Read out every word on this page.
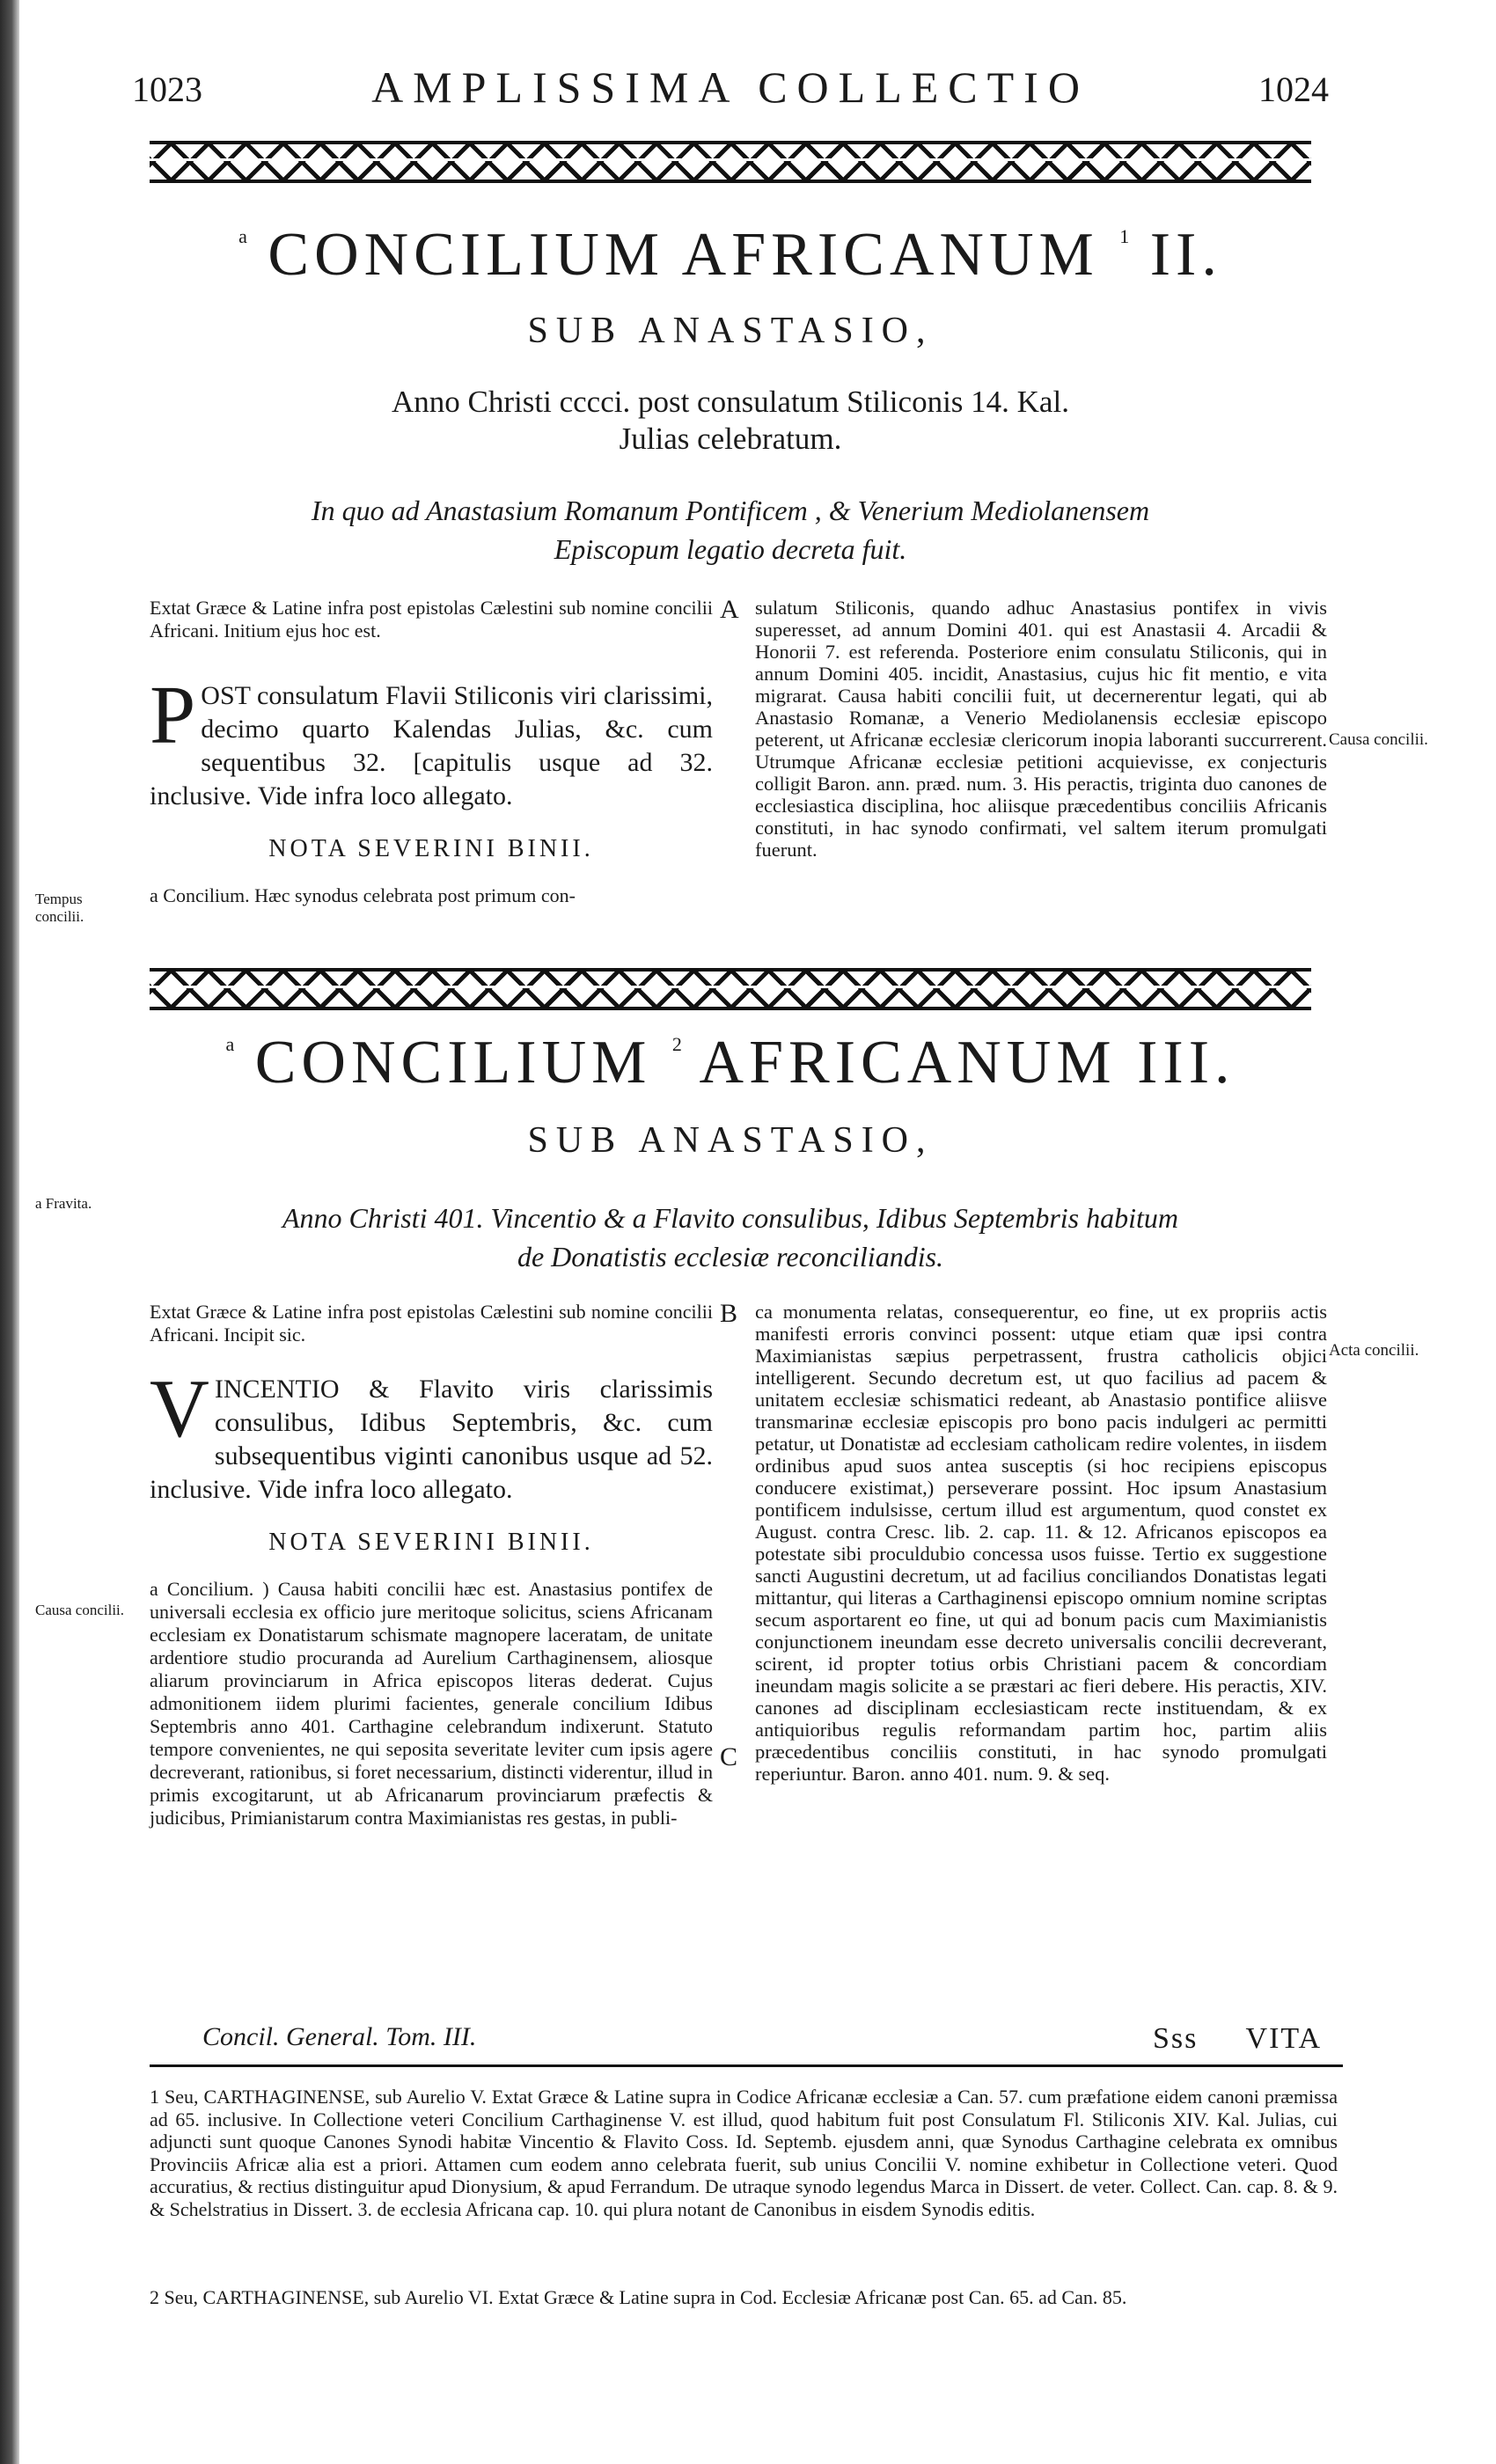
1023	AMPLISSIMA COLLECTIO	1024
$^a$ CONCILIUM AFRICANUM $^1$ II.
SUB ANASTASIO,
Anno Christi cccci. post consulatum Stiliconis 14. Kal.
Julias celebratum.
In quo ad Anastasium Romanum Pontificem , & Venerium Mediolanensem
Episcopum legatio decreta fuit.
Extat Græce & Latine infra post epistolas Cælestini sub nomine concilii Africani. Initium ejus hoc est.
POST consulatum Flavii Stiliconis viri clarissimi, decimo quarto Kalendas Julias, &c. cum sequentibus 32. [capitulis usque ad 32. inclusive. Vide infra loco allegato.
NOTA SEVERINI BINII.
a Concilium. Hæc synodus celebrata post primum con-
A sulatum Stiliconis, quando adhuc Anastasius pontifex in vivis superesset, ad annum Domini 401. qui est Anastasii 4. Arcadii & Honorii 7. est referenda. Posteriore enim consulatu Stiliconis, qui in annum Domini 405. incidit, Anastasius, cujus hic fit mentio, e vita migrarat. Causa habiti concilii fuit, ut decernerentur legati, qui ab Anastasio Romanæ, a Venerio Mediolanensis ecclesiæ episcopo peterent, ut Africanæ ecclesiæ clericorum inopia laboranti succurrerent. Utrumque Africanæ ecclesiæ petitioni acquievisse, ex conjecturis colligit Baron. ann. præd. num. 3. His peractis, triginta duo canones de ecclesiastica disciplina, hoc aliisque præcedentibus conciliis Africanis constituti, in hac synodo confirmati, vel saltem iterum promulgati fuerunt.
Tempus concilii.
Causa concilii.
$^a$ CONCILIUM $^2$ AFRICANUM III.
SUB ANASTASIO,
Anno Christi 401. Vincentio & a Flavito consulibus, Idibus Septembris habitum
de Donatistis ecclesiæ reconciliandis.
Extat Græce & Latine infra post epistolas Cælestini sub nomine concilii Africani. Incipit sic.
VINCENTIO & Flavito viris clarissimis consulibus, Idibus Septembris, &c. cum subsequentibus viginti canonibus usque ad 52. inclusive. Vide infra loco allegato.
NOTA SEVERINI BINII.
a Concilium. ) Causa habiti concilii hæc est. Anastasius pontifex de universali ecclesia ex officio jure meritoque solicitus, sciens Africanam ecclesiam ex Donatistarum schismate magnopere laceratam, de unitate ardentiore studio procuranda ad Aurelium Carthaginensem, aliosque aliarum provinciarum in Africa episcopos literas dederat. Cujus admonitionem iidem plurimi facientes, generale concilium Idibus Septembris anno 401. Carthagine celebrandum indixerunt. Statuto tempore convenientes, ne qui seposita severitate leviter cum ipsis agere decreverant, rationibus, si foret necessarium, distincti viderentur, illud in primis excogitarunt, ut ab Africanarum provinciarum præfectis & judicibus, Primianistarum contra Maximianistas res gestas, in publi-
B
C
ca monumenta relatas, consequerentur, eo fine, ut ex propriis actis manifesti erroris convinci possent: utque etiam quæ ipsi contra Maximianistas sæpius perpetrassent, frustra catholicis objici intelligerent. Secundo decretum est, ut quo facilius ad pacem & unitatem ecclesiæ schismatici redeant, ab Anastasio pontifice aliisve transmarinæ ecclesiæ episcopis pro bono pacis indulgeri ac permitti petatur, ut Donatistæ ad ecclesiam catholicam redire volentes, in iisdem ordinibus apud suos antea susceptis (si hoc recipiens episcopus conducere existimat,) perseverare possint. Hoc ipsum Anastasium pontificem indulsisse, certum illud est argumentum, quod constet ex August. contra Cresc. lib. 2. cap. 11. & 12. Africanos episcopos ea potestate sibi proculdubio concessa usos fuisse. Tertio ex suggestione sancti Augustini decretum, ut ad facilius conciliandos Donatistas legati mittantur, qui literas a Carthaginensi episcopo omnium nomine scriptas secum asportarent eo fine, ut qui ad bonum pacis cum Maximianistis conjunctionem ineundam esse decreto universalis concilii decreverant, scirent, id propter totius orbis Christiani pacem & concordiam ineundam magis solicite a se præstari ac fieri debere. His peractis, XIV. canones ad disciplinam ecclesiasticam recte instituendam, & ex antiquioribus regulis reformandam partim hoc, partim aliis præcedentibus conciliis constituti, in hac synodo promulgati reperiuntur. Baron. anno 401. num. 9. & seq.
a Fravita.
Causa concilii.
Acta concilii.
Concil. General. Tom. III.	Sss VITA
1 Seu, CARTHAGINENSE, sub Aurelio V. Extat Græce & Latine supra in Codice Africanæ ecclesiæ a Can. 57. cum præfatione eidem canoni præmissa ad 65. inclusive. In Collectione veteri Concilium Carthaginense V. est illud, quod habitum fuit post Consulatum Fl. Stiliconis XIV. Kal. Julias, cui adjuncti sunt quoque Canones Synodi habitæ Vincentio & Flavito Coss. Id. Septemb. ejusdem anni, quæ Synodus Carthagine celebrata ex omnibus Provinciis Africæ alia est a priori. Attamen cum eodem anno celebrata fuerit, sub unius Concilii V. nomine exhibetur in Collectione veteri. Quod accuratius, & rectius distinguitur apud Dionysium, & apud Ferrandum. De utraque synodo legendus Marca in Dissert. de veter. Collect. Can. cap. 8. & 9. & Schelstratius in Dissert. 3. de ecclesia Africana cap. 10. qui plura notant de Canonibus in eisdem Synodis editis.
2 Seu, CARTHAGINENSE, sub Aurelio VI. Extat Græce & Latine supra in Cod. Ecclesiæ Africanæ post Can. 65. ad Can. 85.
